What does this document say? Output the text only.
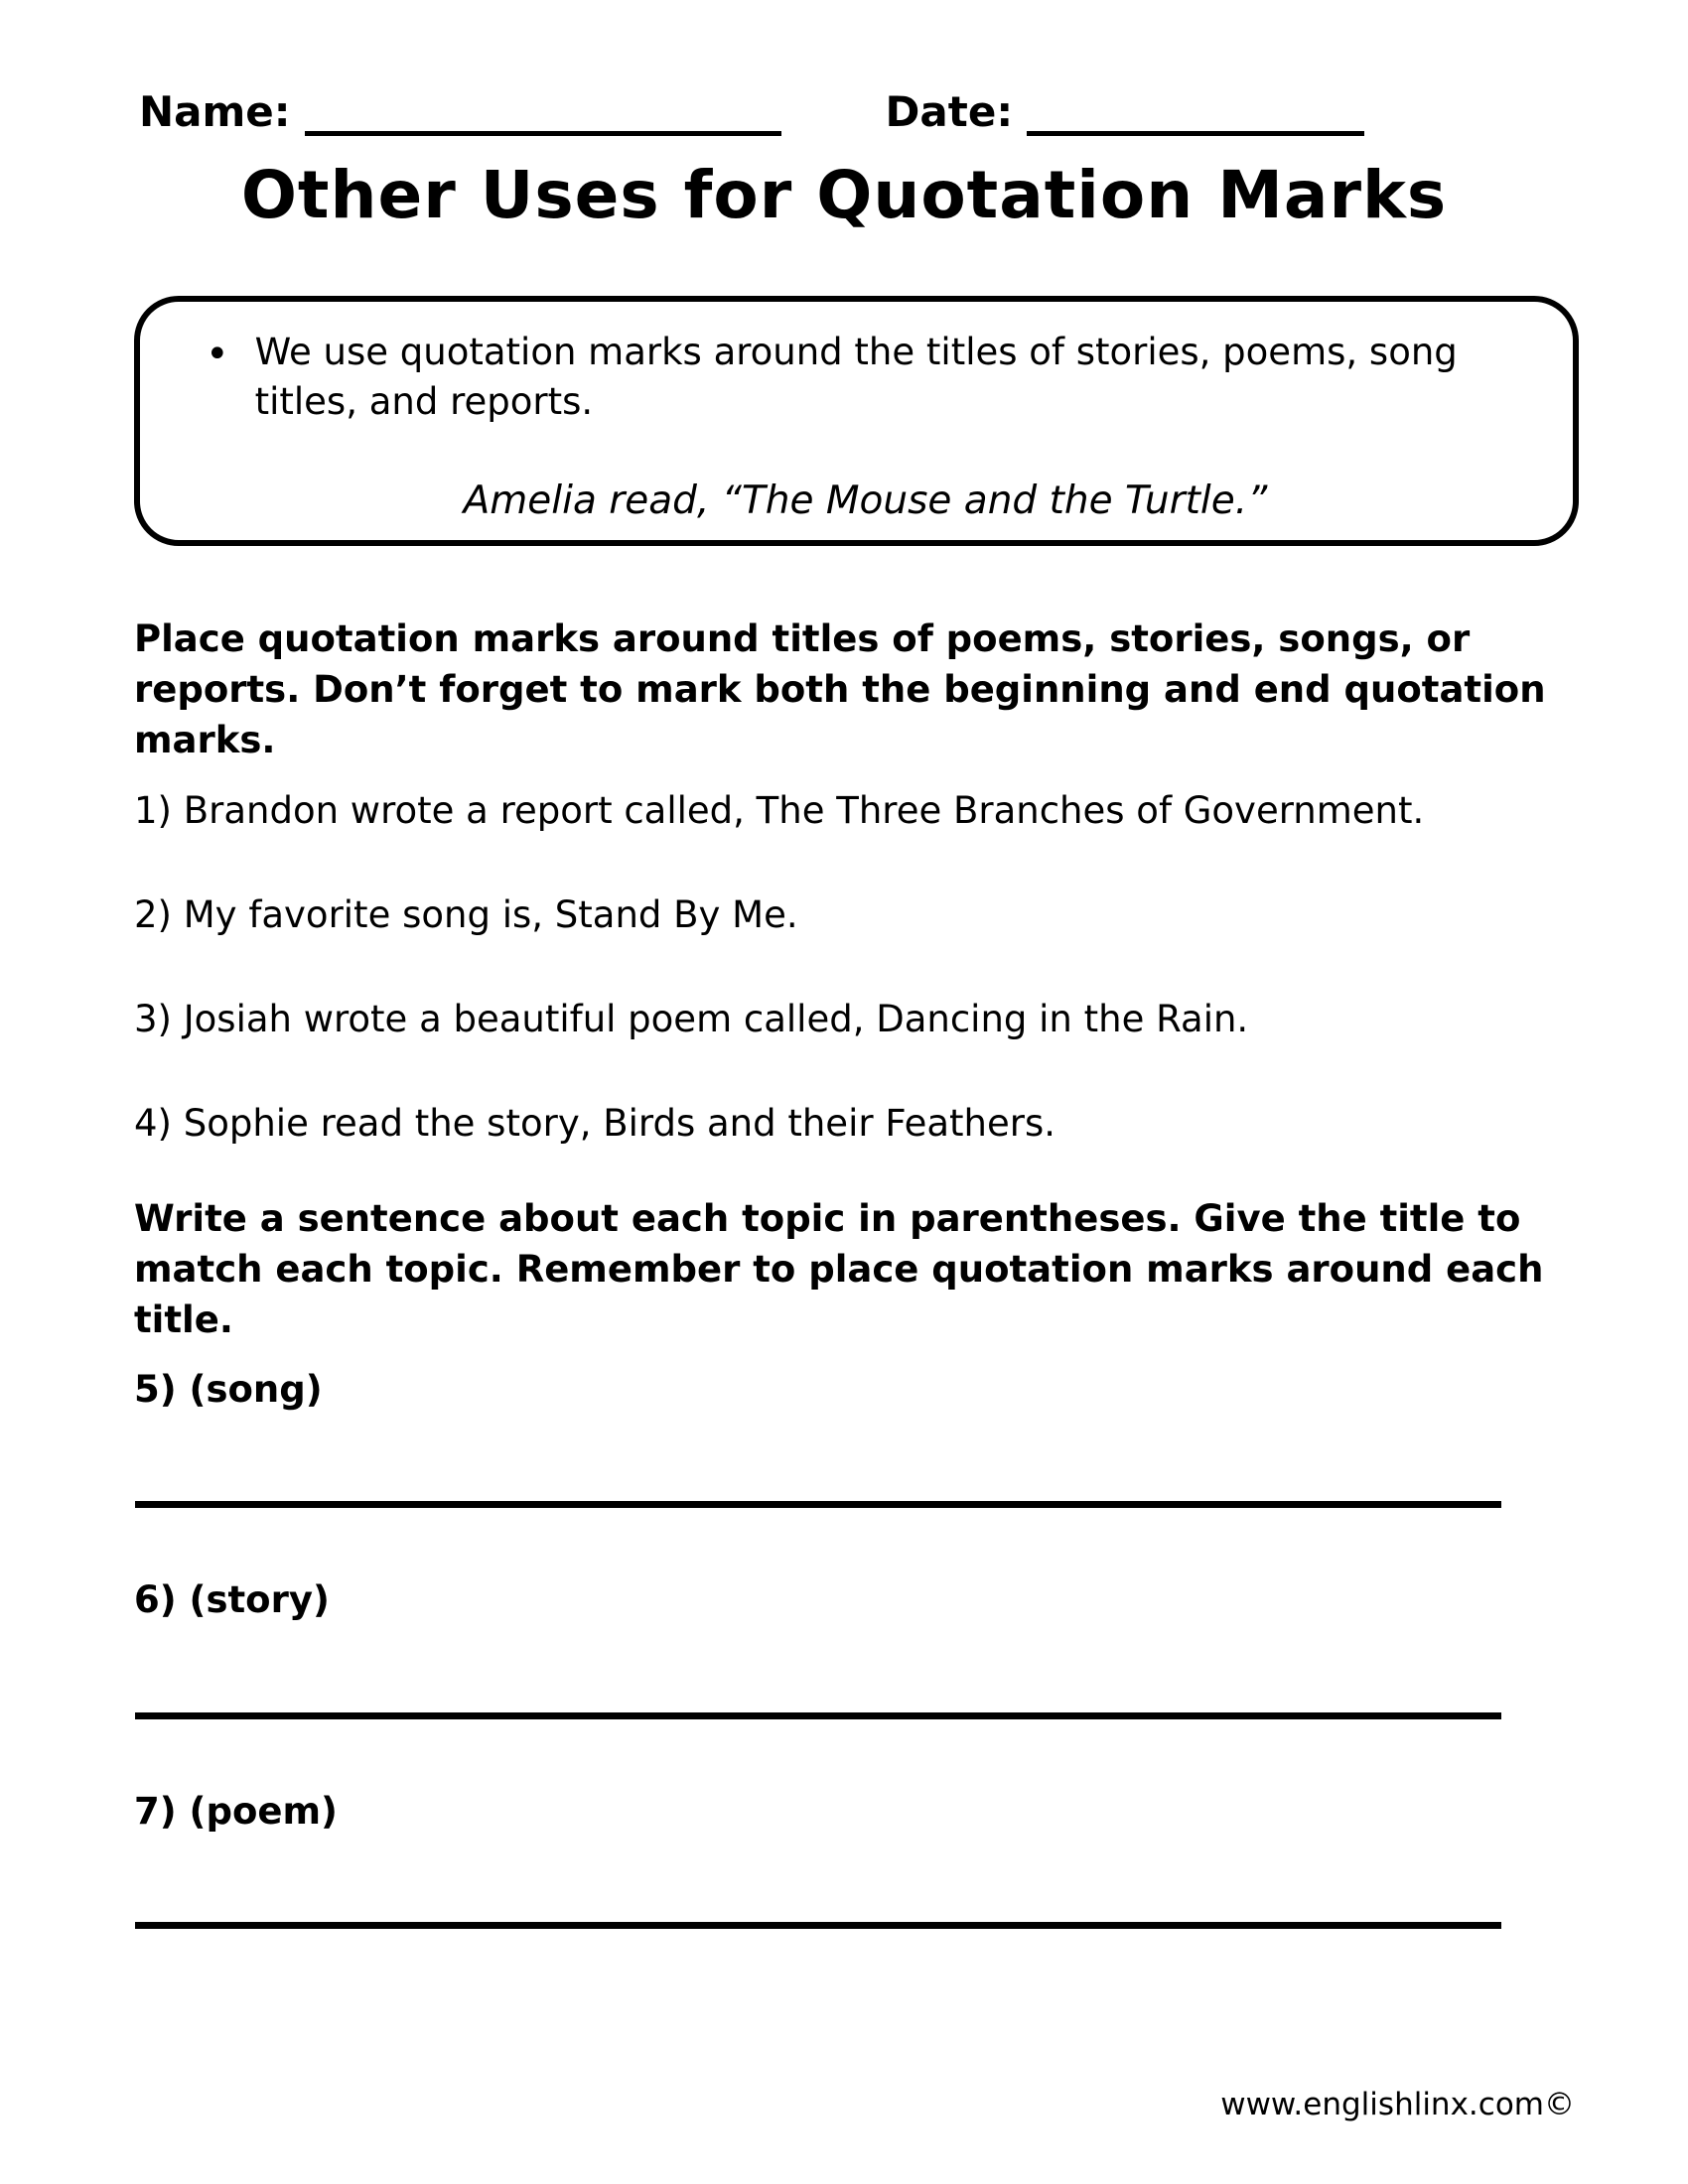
Name:	Date:
Other Uses for Quotation Marks
• We use quotation marks around the titles of stories, poems, song titles, and reports.
Amelia read, “The Mouse and the Turtle.”
Place quotation marks around titles of poems, stories, songs, or reports. Don’t forget to mark both the beginning and end quotation marks.
1) Brandon wrote a report called, The Three Branches of Government.
2) My favorite song is, Stand By Me.
3) Josiah wrote a beautiful poem called, Dancing in the Rain.
4) Sophie read the story, Birds and their Feathers.
Write a sentence about each topic in parentheses. Give the title to match each topic. Remember to place quotation marks around each title.
5) (song)
6) (story)
7) (poem)
www.englishlinx.com©
